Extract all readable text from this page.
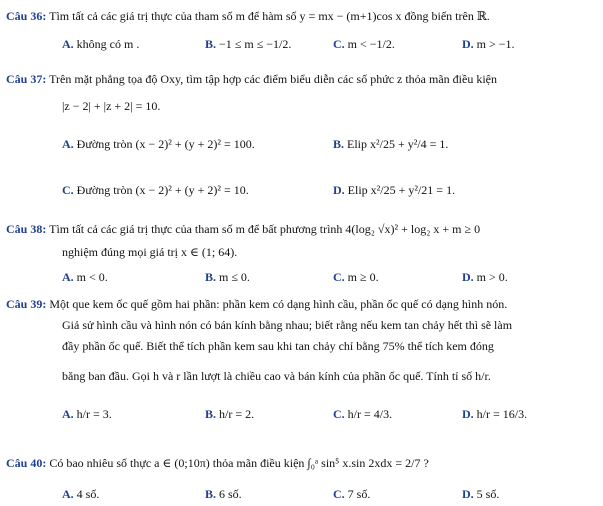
Câu 36: Tìm tất cả các giá trị thực của tham số m để hàm số y = mx − (m+1)cos x đồng biến trên ℝ.
A. không có m .	B. −1 ≤ m ≤ −1/2.	C. m < −1/2.	D. m > −1.
Câu 37: Trên mặt phẳng tọa độ Oxy, tìm tập hợp các điểm biểu diễn các số phức z thỏa mãn điều kiện
|z − 2| + |z + 2| = 10.
A. Đường tròn (x − 2)² + (y + 2)² = 100.	B. Elip x²/25 + y²/4 = 1.
C. Đường tròn (x − 2)² + (y + 2)² = 10.	D. Elip x²/25 + y²/21 = 1.
Câu 38: Tìm tất cả các giá trị thực của tham số m để bất phương trình 4(log₂ √x)² + log₂ x + m ≥ 0
nghiệm đúng mọi giá trị x ∈ (1; 64).
A. m < 0.	B. m ≤ 0.	C. m ≥ 0.	D. m > 0.
Câu 39: Một que kem ốc quế gồm hai phần: phần kem có dạng hình cầu, phần ốc quế có dạng hình nón.
Giả sử hình cầu và hình nón có bán kính bằng nhau; biết rằng nếu kem tan chảy hết thì sẽ làm
đầy phần ốc quế. Biết thể tích phần kem sau khi tan chảy chỉ bằng 75% thể tích kem đóng
băng ban đầu. Gọi h và r lần lượt là chiều cao và bán kính của phần ốc quế. Tính tỉ số h/r.
A. h/r = 3.	B. h/r = 2.	C. h/r = 4/3.	D. h/r = 16/3.
Câu 40: Có bao nhiêu số thực a ∈ (0;10π) thỏa mãn điều kiện ∫₀ᵃ sin⁵ x.sin 2xdx = 2/7 ?
A. 4 số.	B. 6 số.	C. 7 số.	D. 5 số.
